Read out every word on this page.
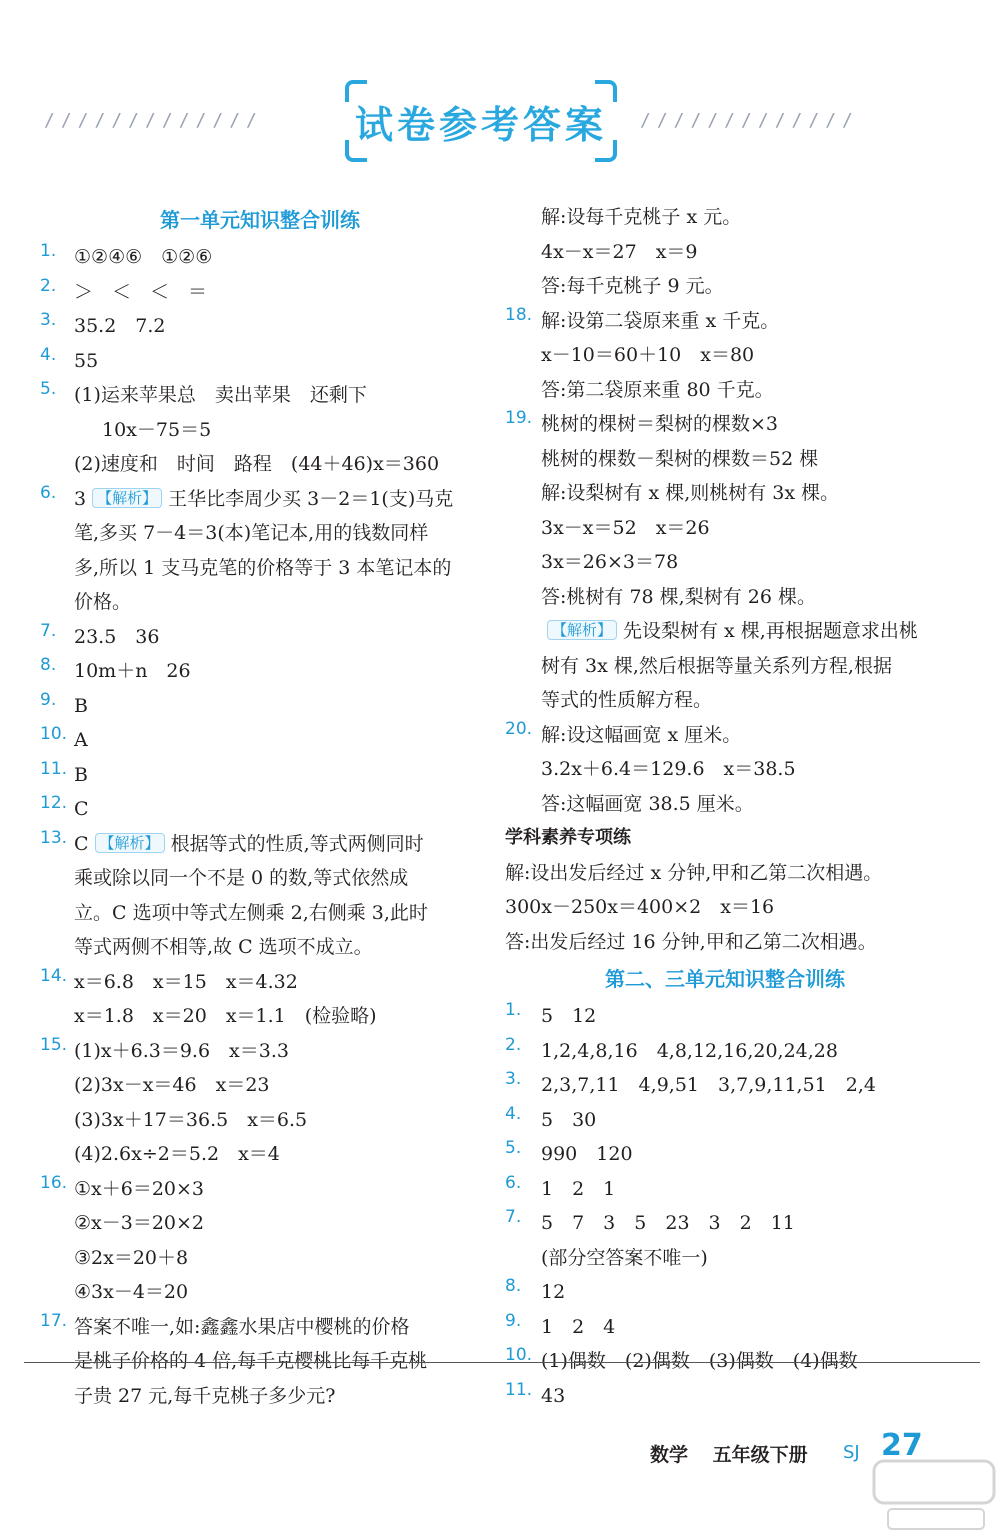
/////////////	/////////////
试卷参考答案
第一单元知识整合训练
1. ①②④⑥　①②⑥
2. ＞　＜　＜　＝
3. 35.2　7.2
4. 55
5. (1)运来苹果总　卖出苹果　还剩下
10x－75＝5
(2)速度和　时间　路程　(44＋46)x＝360
6. 3 【解析】 王华比李周少买 3－2＝1(支)马克
笔,多买 7－4＝3(本)笔记本,用的钱数同样
多,所以 1 支马克笔的价格等于 3 本笔记本的
价格。
7. 23.5　36
8. 10m＋n　26
9. B
10. A
11. B
12. C
13. C 【解析】 根据等式的性质,等式两侧同时
乘或除以同一个不是 0 的数,等式依然成
立。C 选项中等式左侧乘 2,右侧乘 3,此时
等式两侧不相等,故 C 选项不成立。
14. x＝6.8　x＝15　x＝4.32
x＝1.8　x＝20　x＝1.1　(检验略)
15. (1)x＋6.3＝9.6　x＝3.3
(2)3x－x＝46　x＝23
(3)3x＋17＝36.5　x＝6.5
(4)2.6x÷2＝5.2　x＝4
16. ①x＋6＝20×3
②x－3＝20×2
③2x＝20＋8
④3x－4＝20
17. 答案不唯一,如:鑫鑫水果店中樱桃的价格
是桃子价格的 4 倍,每千克樱桃比每千克桃
子贵 27 元,每千克桃子多少元?
解:设每千克桃子 x 元。
4x－x＝27　x＝9
答:每千克桃子 9 元。
18. 解:设第二袋原来重 x 千克。
x－10＝60＋10　x＝80
答:第二袋原来重 80 千克。
19. 桃树的棵树＝梨树的棵数×3
桃树的棵数－梨树的棵数＝52 棵
解:设梨树有 x 棵,则桃树有 3x 棵。
3x－x＝52　x＝26
3x＝26×3＝78
答:桃树有 78 棵,梨树有 26 棵。
【解析】 先设梨树有 x 棵,再根据题意求出桃
树有 3x 棵,然后根据等量关系列方程,根据
等式的性质解方程。
20. 解:设这幅画宽 x 厘米。
3.2x＋6.4＝129.6　x＝38.5
答:这幅画宽 38.5 厘米。
学科素养专项练
解:设出发后经过 x 分钟,甲和乙第二次相遇。
300x－250x＝400×2　x＝16
答:出发后经过 16 分钟,甲和乙第二次相遇。
第二、三单元知识整合训练
1.	5　12
2.	1,2,4,8,16　4,8,12,16,20,24,28
3.	2,3,7,11　4,9,51　3,7,9,11,51　2,4
4.	5　30
5.	990　120
6.	1　2　1
7.	5　7　3　5　23　3　2　11
(部分空答案不唯一)
8.	12
9.	1　2　4
10. (1)偶数　(2)偶数　(3)偶数　(4)偶数
11. 43
数学 五年级下册	SJ 27
